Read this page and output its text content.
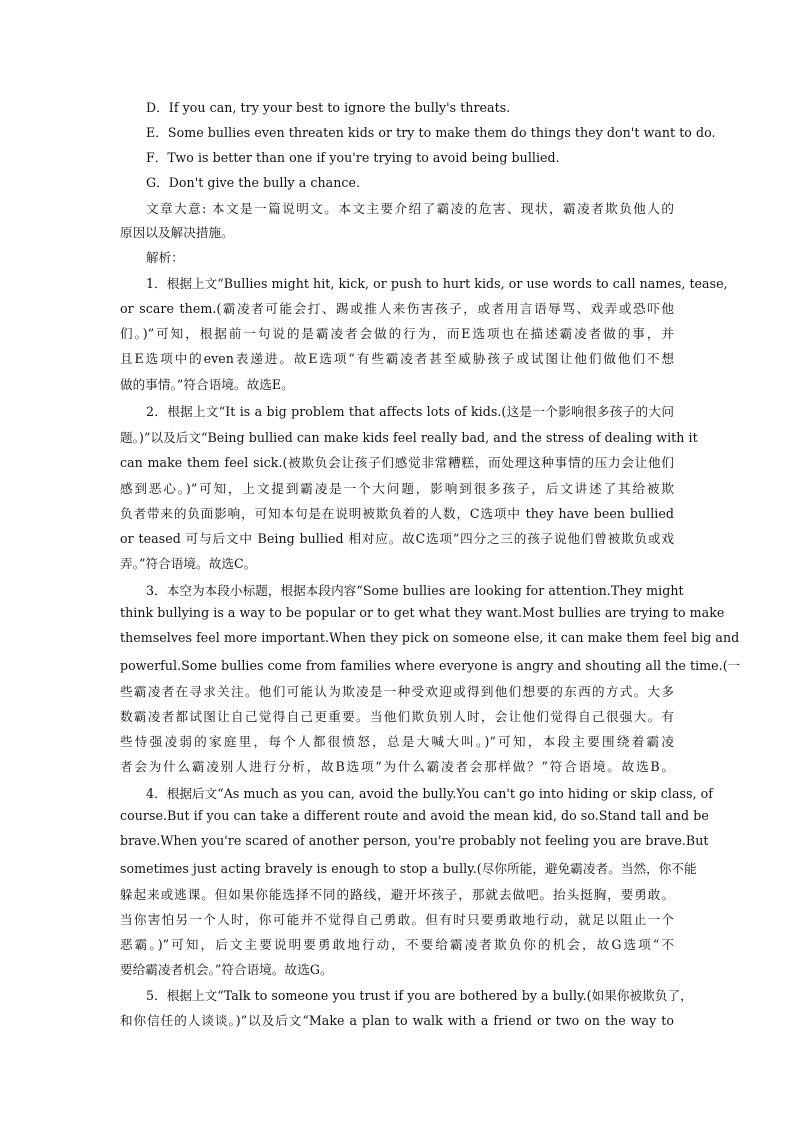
D．If you can, try your best to ignore the bully's threats.
E．Some bullies even threaten kids or try to make them do things they don't want to do.
F．Two is better than one if you're trying to avoid being bullied.
G．Don't give the bully a chance.
文章大意: 本文是一篇说明文。本文主要介绍了霸凌的危害、现状，霸凌者欺负他人的
原因以及解决措施。
解析：
1．根据上文“Bullies might hit, kick, or push to hurt kids, or use words to call names, tease,
or scare them.(霸凌者可能会打、踢或推人来伤害孩子，或者用言语辱骂、戏弄或恐吓他
们。)”可知，根据前一句说的是霸凌者会做的行为，而E选项也在描述霸凌者做的事，并
且E选项中的even表递进。故E选项“有些霸凌者甚至威胁孩子或试图让他们做他们不想
做的事情。”符合语境。故选E。
2．根据上文“It is a big problem that affects lots of kids.(这是一个影响很多孩子的大问
题。)”以及后文“Being bullied can make kids feel really bad, and the stress of dealing with it
can make them feel sick.(被欺负会让孩子们感觉非常糟糕，而处理这种事情的压力会让他们
感到恶心。)”可知，上文提到霸凌是一个大问题，影响到很多孩子，后文讲述了其给被欺
负者带来的负面影响，可知本句是在说明被欺负着的人数，C选项中 they have been bullied
or teased 可与后文中 Being bullied 相对应。故C选项“四分之三的孩子说他们曾被欺负或戏
弄。”符合语境。故选C。
3．本空为本段小标题，根据本段内容“Some bullies are looking for attention.They might
think bullying is a way to be popular or to get what they want.Most bullies are trying to make
themselves feel more important.When they pick on someone else, it can make them feel big and
powerful.Some bullies come from families where everyone is angry and shouting all the time.(一
些霸凌者在寻求关注。他们可能认为欺凌是一种受欢迎或得到他们想要的东西的方式。大多
数霸凌者都试图让自己觉得自己更重要。当他们欺负别人时，会让他们觉得自己很强大。有
些恃强凌弱的家庭里，每个人都很愤怒，总是大喊大叫。)”可知，本段主要围绕着霸凌
者会为什么霸凌别人进行分析，故B选项“为什么霸凌者会那样做？”符合语境。故选B。
4．根据后文“As much as you can, avoid the bully.You can't go into hiding or skip class, of
course.But if you can take a different route and avoid the mean kid, do so.Stand tall and be
brave.When you're scared of another person, you're probably not feeling you are brave.But
sometimes just acting bravely is enough to stop a bully.(尽你所能，避免霸凌者。当然，你不能
躲起来或逃课。但如果你能选择不同的路线，避开坏孩子，那就去做吧。抬头挺胸，要勇敢。
当你害怕另一个人时，你可能并不觉得自己勇敢。但有时只要勇敢地行动，就足以阻止一个
恶霸。)”可知，后文主要说明要勇敢地行动，不要给霸凌者欺负你的机会，故G选项“不
要给霸凌者机会。”符合语境。故选G。
5．根据上文“Talk to someone you trust if you are bothered by a bully.(如果你被欺负了，
和你信任的人谈谈。)”以及后文“Make a plan to walk with a friend or two on the way to
